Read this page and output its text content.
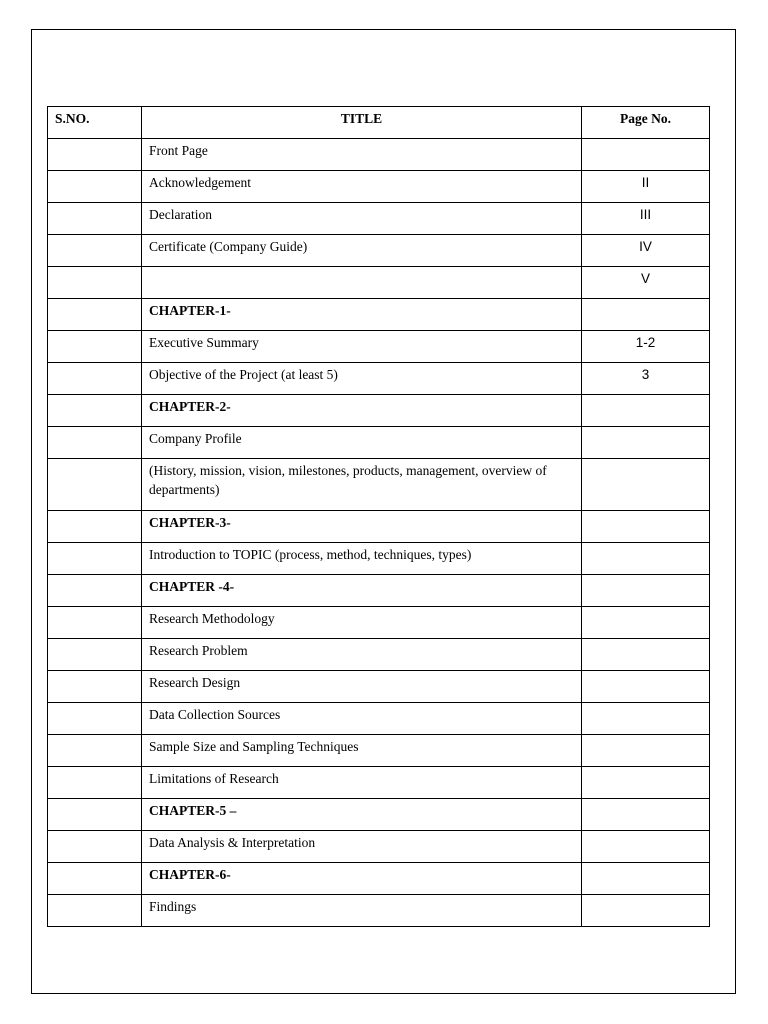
S.NO.	TITLE	Page No.
	Front Page	
	Acknowledgement	II
	Declaration	III
	Certificate (Company Guide)	IV
		V
	CHAPTER-1-	
	Executive Summary	1-2
	Objective of the Project (at least 5)	3
	CHAPTER-2-	
	Company Profile	
	(History, mission, vision, milestones, products, management, overview of departments)	
	CHAPTER-3-	
	Introduction to TOPIC (process, method, techniques, types)	
	CHAPTER -4-	
	Research Methodology	
	Research Problem	
	Research Design	
	Data Collection Sources	
	Sample Size and Sampling Techniques	
	Limitations of Research	
	CHAPTER-5 –	
	Data Analysis & Interpretation	
	CHAPTER-6-	
	Findings	
